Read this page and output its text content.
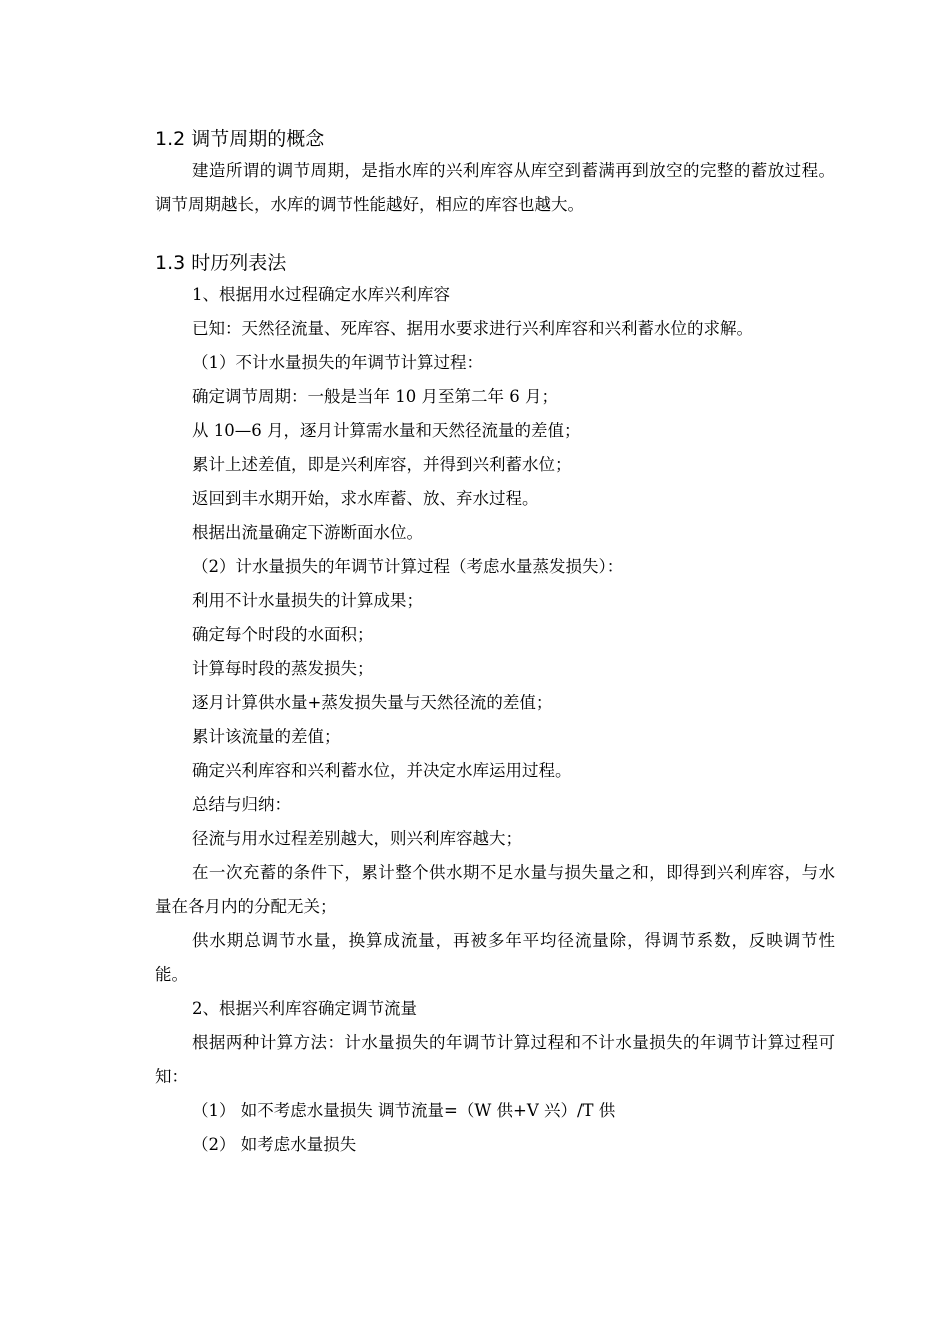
1.2 调节周期的概念

建造所谓的调节周期，是指水库的兴利库容从库空到蓄满再到放空的完整的蓄放过程。调节周期越长，水库的调节性能越好，相应的库容也越大。

1.3 时历列表法

1、根据用水过程确定水库兴利库容

已知：天然径流量、死库容、据用水要求进行兴利库容和兴利蓄水位的求解。

（1）不计水量损失的年调节计算过程：

确定调节周期：一般是当年 10 月至第二年 6 月；

从 10—6 月，逐月计算需水量和天然径流量的差值；

累计上述差值，即是兴利库容，并得到兴利蓄水位；

返回到丰水期开始，求水库蓄、放、弃水过程。

根据出流量确定下游断面水位。

（2）计水量损失的年调节计算过程（考虑水量蒸发损失）：

利用不计水量损失的计算成果；

确定每个时段的水面积；

计算每时段的蒸发损失；

逐月计算供水量+蒸发损失量与天然径流的差值；

累计该流量的差值；

确定兴利库容和兴利蓄水位，并决定水库运用过程。

总结与归纳：

径流与用水过程差别越大，则兴利库容越大；

在一次充蓄的条件下，累计整个供水期不足水量与损失量之和，即得到兴利库容，与水量在各月内的分配无关；

供水期总调节水量，换算成流量，再被多年平均径流量除，得调节系数，反映调节性能。

2、根据兴利库容确定调节流量

根据两种计算方法：计水量损失的年调节计算过程和不计水量损失的年调节计算过程可知：

（1） 如不考虑水量损失 调节流量=（W 供+V 兴）/T 供

（2） 如考虑水量损失
